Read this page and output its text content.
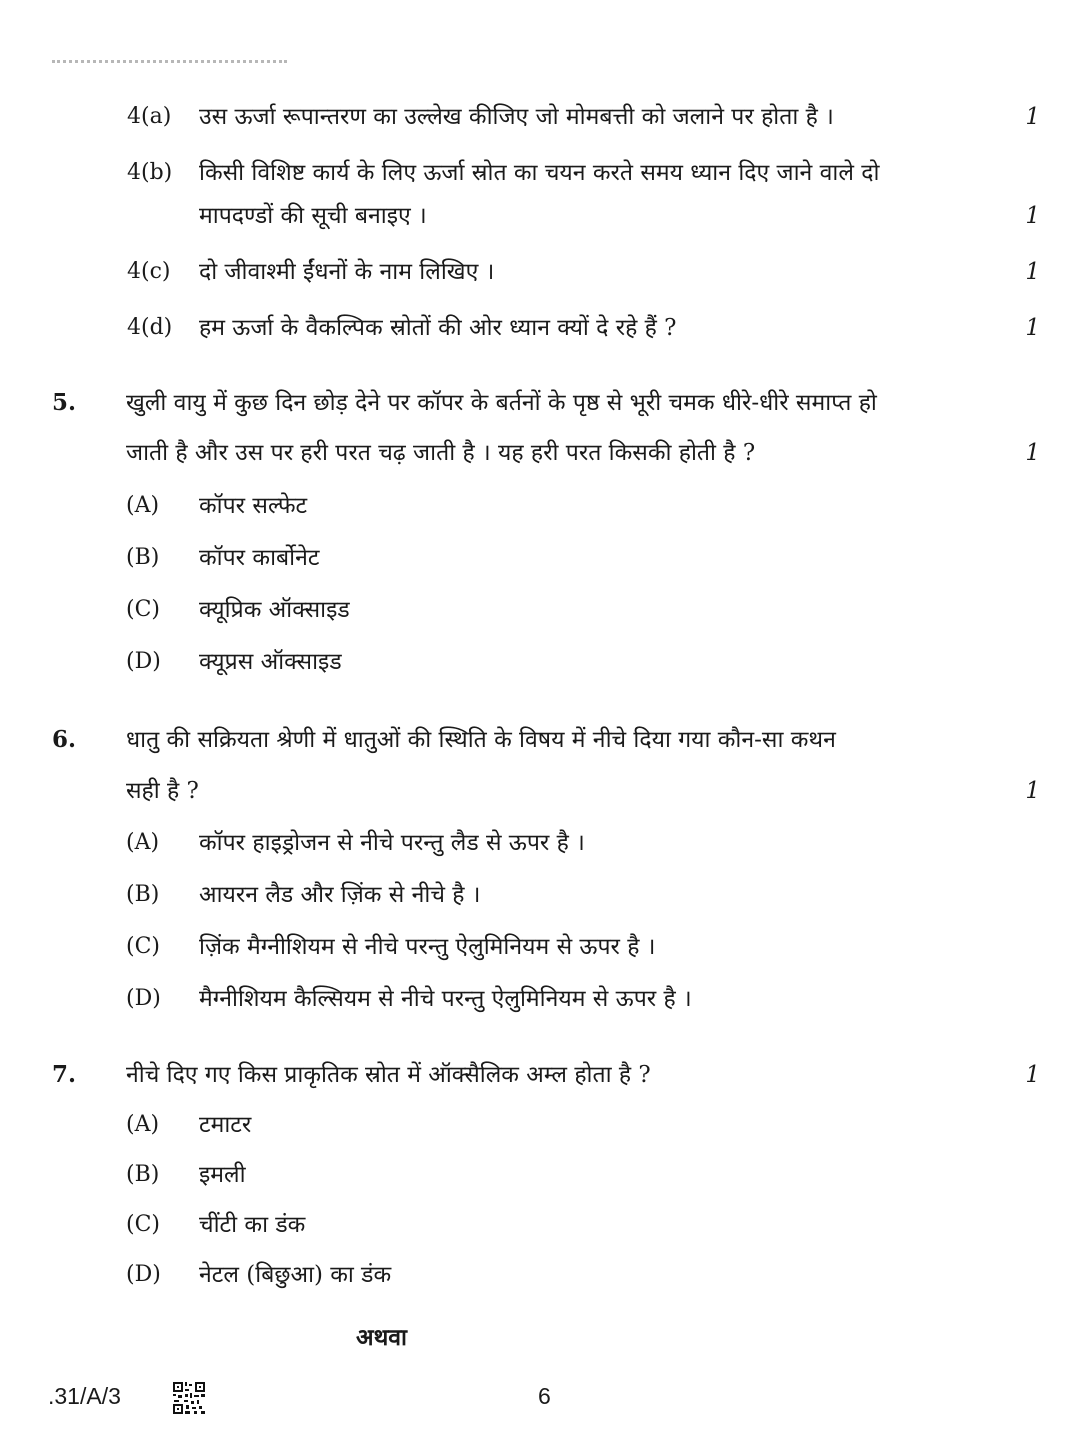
4(a) उस ऊर्जा रूपान्तरण का उल्लेख कीजिए जो मोमबत्ती को जलाने पर होता है ।	1
4(b) किसी विशिष्ट कार्य के लिए ऊर्जा स्रोत का चयन करते समय ध्यान दिए जाने वाले दो
मापदण्डों की सूची बनाइए ।	1
4(c) दो जीवाश्मी ईंधनों के नाम लिखिए ।	1
4(d) हम ऊर्जा के वैकल्पिक स्रोतों की ओर ध्यान क्यों दे रहे हैं ?	1
5. खुली वायु में कुछ दिन छोड़ देने पर कॉपर के बर्तनों के पृष्ठ से भूरी चमक धीरे-धीरे समाप्त हो
जाती है और उस पर हरी परत चढ़ जाती है । यह हरी परत किसकी होती है ?	1
(A) कॉपर सल्फेट
(B) कॉपर कार्बोनेट
(C) क्यूप्रिक ऑक्साइड
(D) क्यूप्रस ऑक्साइड
6. धातु की सक्रियता श्रेणी में धातुओं की स्थिति के विषय में नीचे दिया गया कौन-सा कथन
सही है ?	1
(A) कॉपर हाइड्रोजन से नीचे परन्तु लैड से ऊपर है ।
(B) आयरन लैड और ज़िंक से नीचे है ।
(C) ज़िंक मैग्नीशियम से नीचे परन्तु ऐलुमिनियम से ऊपर है ।
(D) मैग्नीशियम कैल्सियम से नीचे परन्तु ऐलुमिनियम से ऊपर है ।
7. नीचे दिए गए किस प्राकृतिक स्रोत में ऑक्सैलिक अम्ल होता है ?	1
(A) टमाटर
(B) इमली
(C) चींटी का डंक
(D) नेटल (बिछुआ) का डंक
अथवा
.31/A/3	6
